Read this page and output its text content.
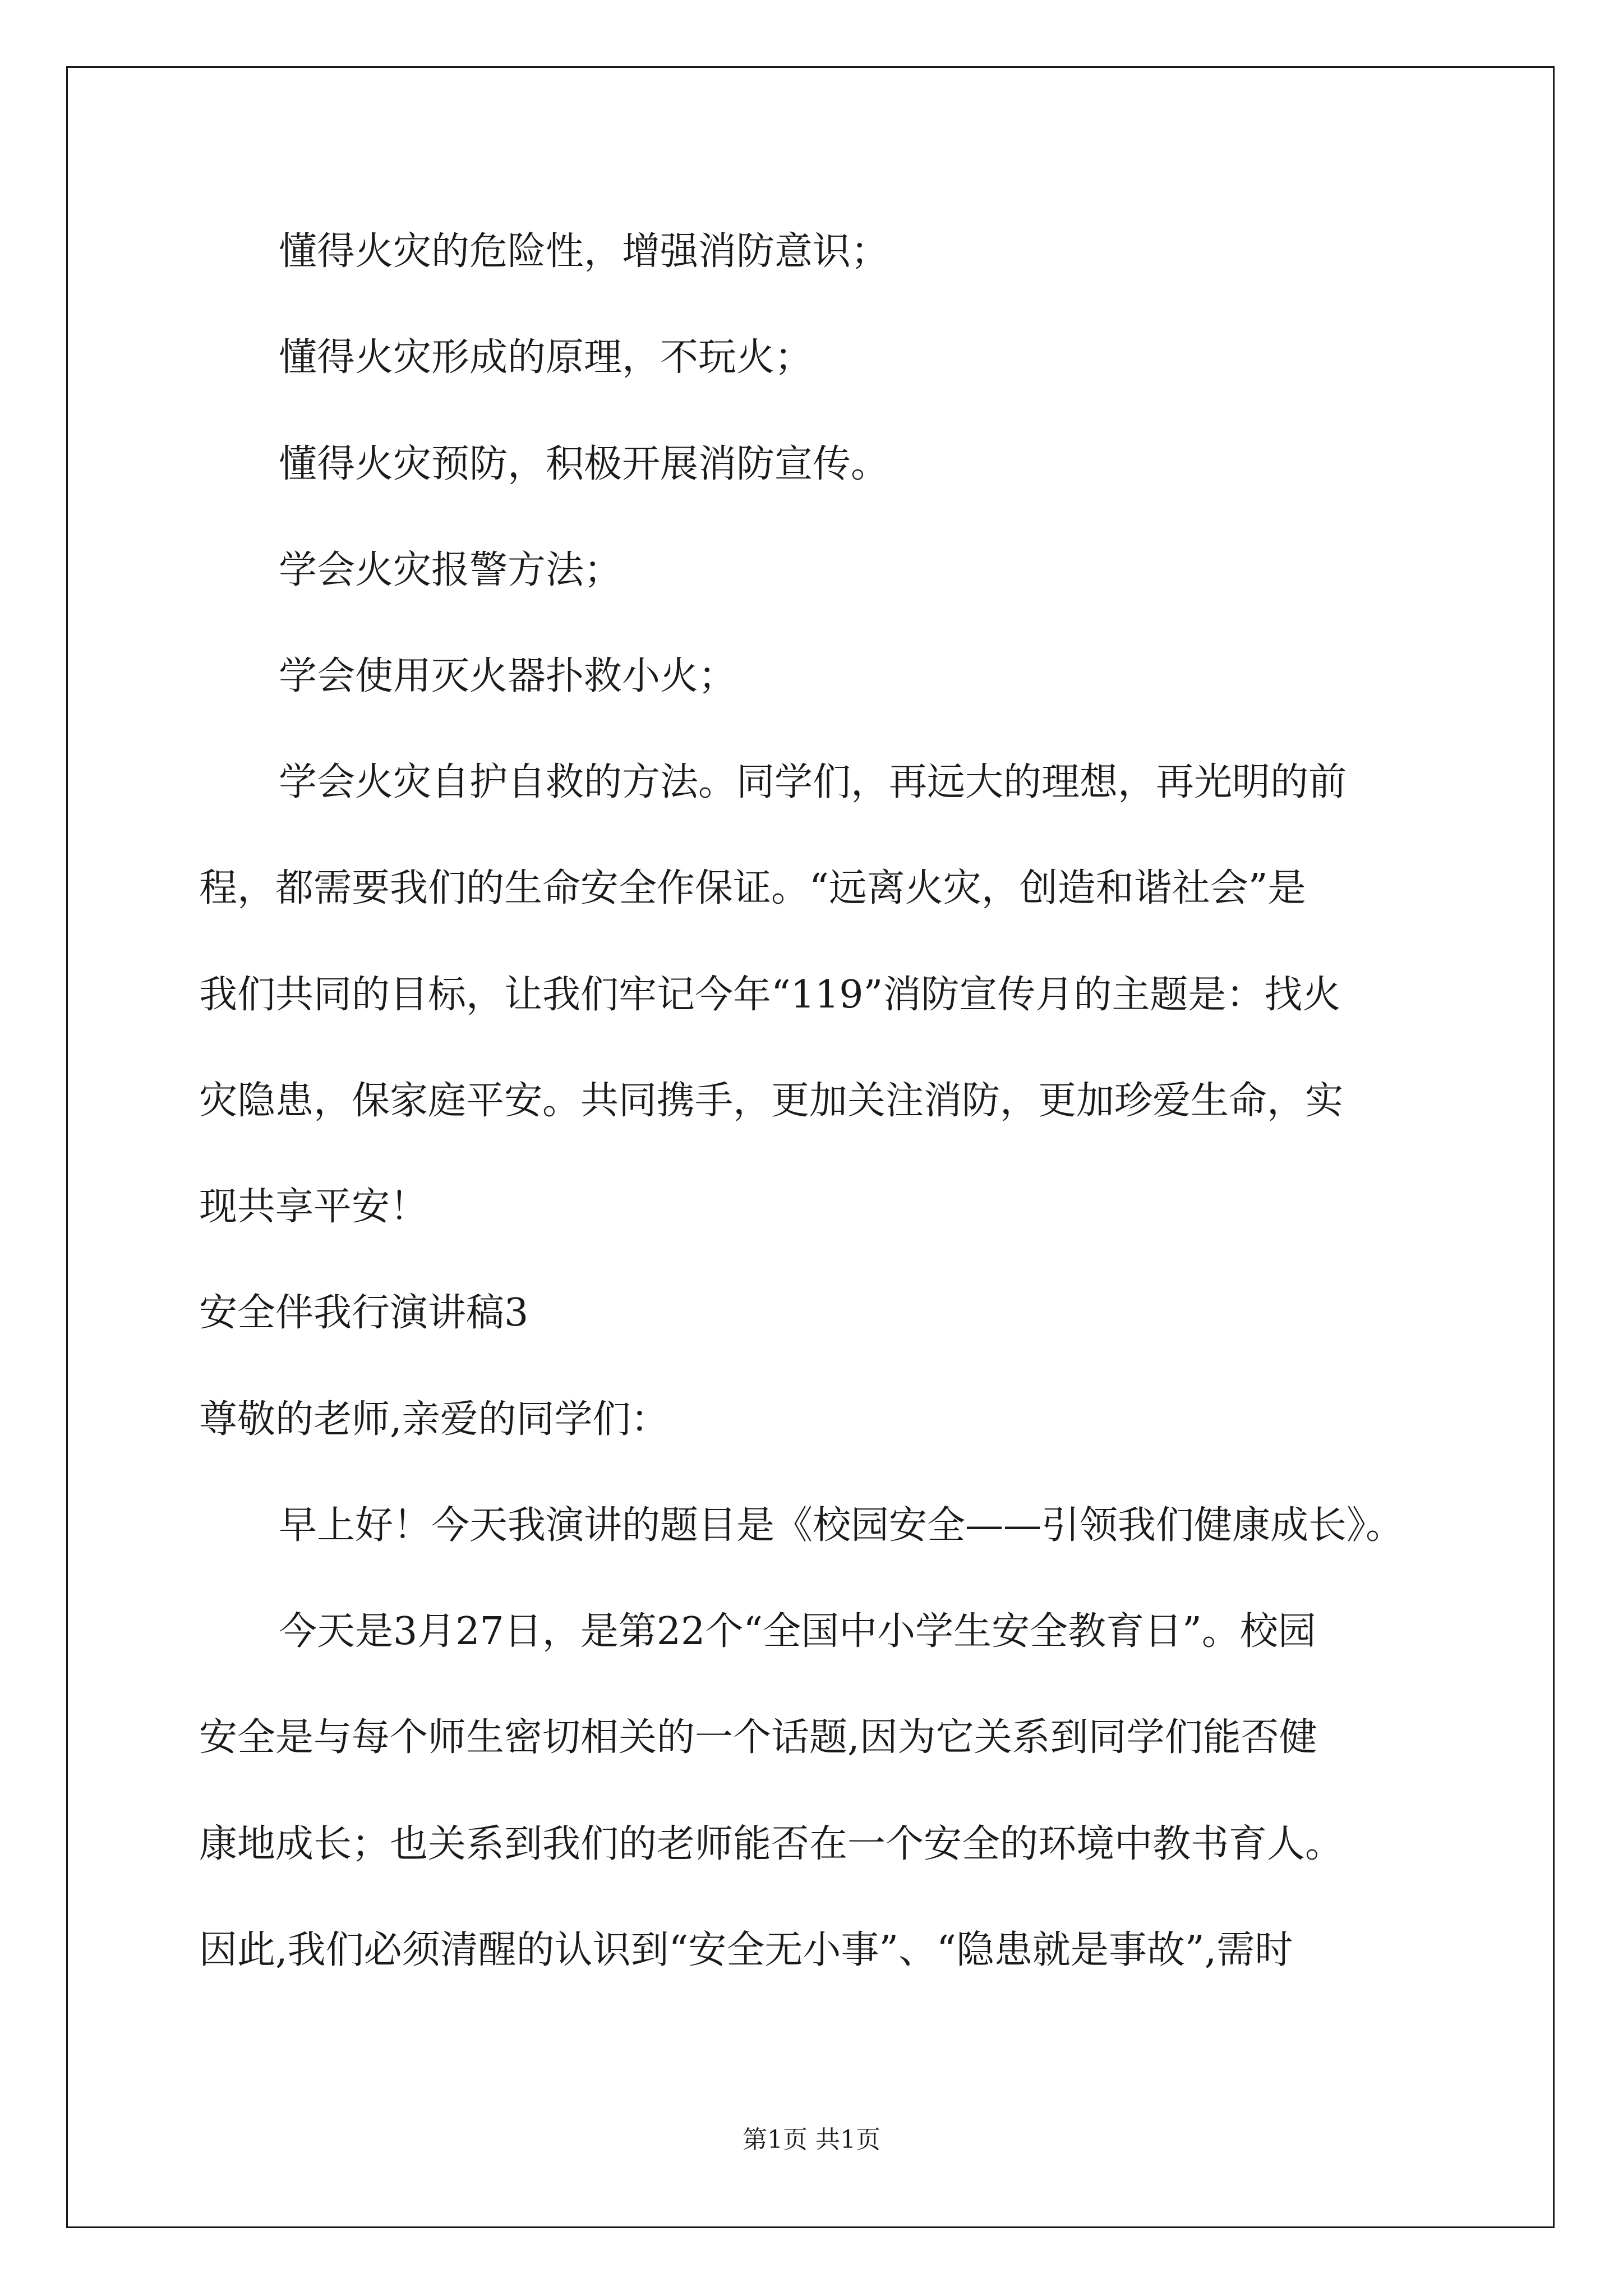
懂得火灾的危险性，增强消防意识；
懂得火灾形成的原理，不玩火；
懂得火灾预防，积极开展消防宣传。
学会火灾报警方法；
学会使用灭火器扑救小火；
学会火灾自护自救的方法。同学们，再远大的理想，再光明的前
程，都需要我们的生命安全作保证。“远离火灾，创造和谐社会”是
我们共同的目标，让我们牢记今年“119”消防宣传月的主题是：找火
灾隐患，保家庭平安。共同携手，更加关注消防，更加珍爱生命，实
现共享平安！
安全伴我行演讲稿3
尊敬的老师,亲爱的同学们：
早上好！今天我演讲的题目是《校园安全——引领我们健康成长》。
今天是3月27日，是第22个“全国中小学生安全教育日”。校园
安全是与每个师生密切相关的一个话题,因为它关系到同学们能否健
康地成长；也关系到我们的老师能否在一个安全的环境中教书育人。
因此,我们必须清醒的认识到“安全无小事”、“隐患就是事故”,需时
第1页 共1页
